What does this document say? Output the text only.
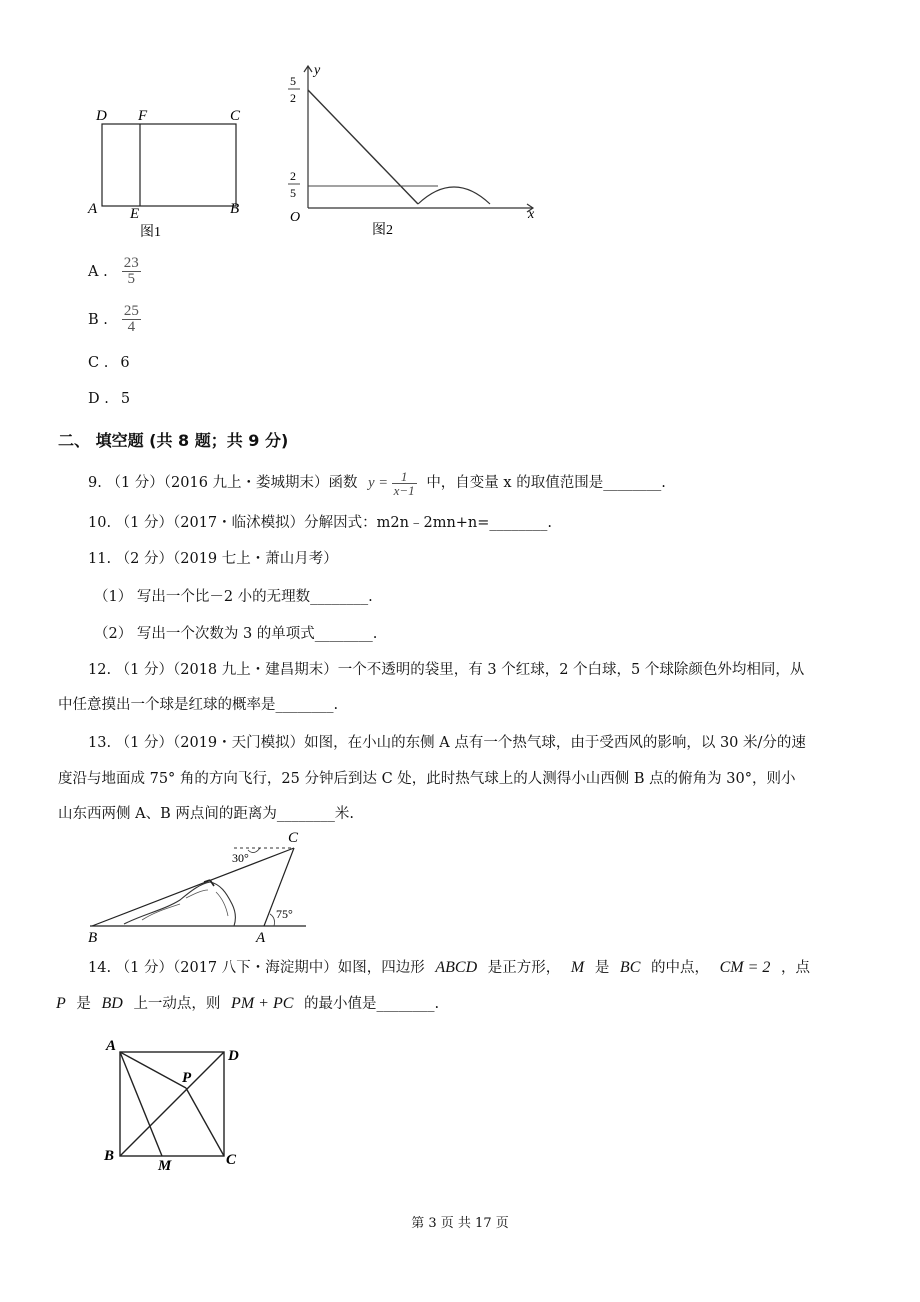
D F	C
A E	B
图1
y
x
O
5
2
2
5
图2
A . $\frac{23}{5}$
B . $\frac{25}{4}$
C . 6
D . 5
二、 填空题 (共 8 题；共 9 分)
9. （1 分）（2016 九上・娄城期末）函数 $y = \frac{1}{x-1}$ 中，自变量 x 的取值范围是________.
10. （1 分）（2017・临沭模拟）分解因式：m2n﹣2mn+n=________.
11. （2 分）（2019 七上・萧山月考）
（1） 写出一个比－2 小的无理数________.
（2） 写出一个次数为 3 的单项式________.
12. （1 分）（2018 九上・建昌期末）一个不透明的袋里，有 3 个红球，2 个白球，5 个球除颜色外均相同，从
中任意摸出一个球是红球的概率是________.
13. （1 分）（2019・天门模拟）如图，在小山的东侧 A 点有一个热气球，由于受西风的影响，以 30 米/分的速
度沿与地面成 75° 角的方向飞行，25 分钟后到达 C 处，此时热气球上的人测得小山西侧 B 点的俯角为 30°，则小
山东西两侧 A、B 两点间的距离为________米.
C
30°
75°
B	A
14. （1 分）（2017 八下・海淀期中）如图，四边形 ABCD 是正方形， M 是 BC 的中点， CM = 2 ，点
P 是 BD 上一动点，则 PM + PC 的最小值是________.
A
D
P
B
M	C
第 3 页 共 17 页
